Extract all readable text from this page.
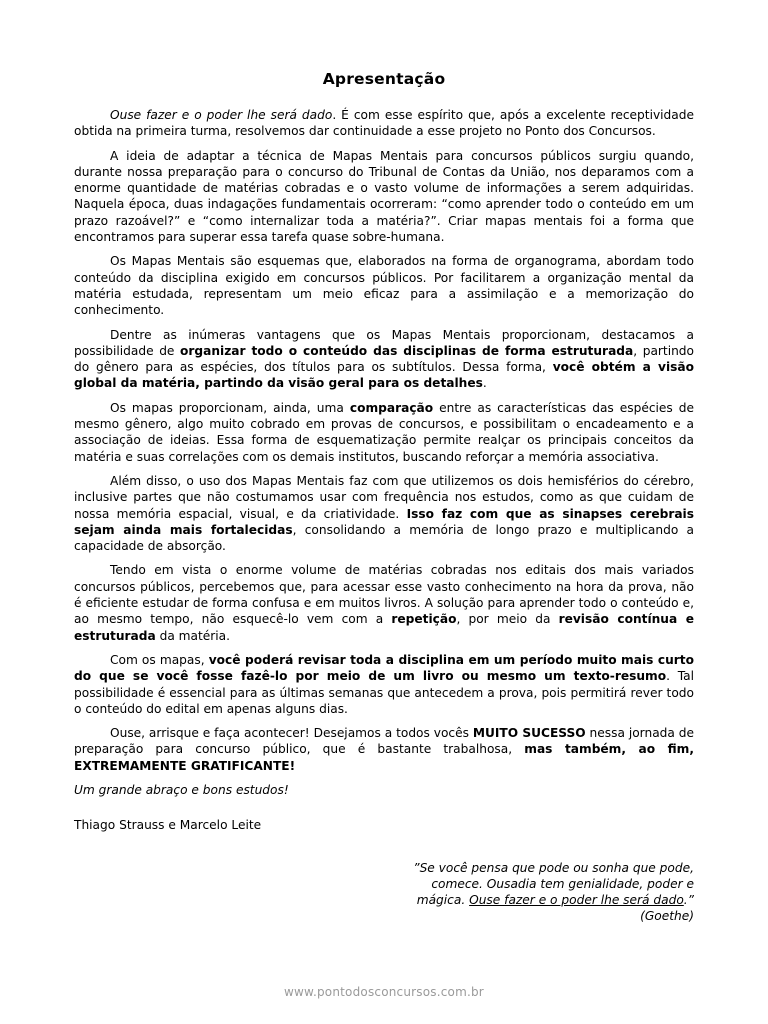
Apresentação

Ouse fazer e o poder lhe será dado. É com esse espírito que, após a excelente receptividade obtida na primeira turma, resolvemos dar continuidade a esse projeto no Ponto dos Concursos.

A ideia de adaptar a técnica de Mapas Mentais para concursos públicos surgiu quando, durante nossa preparação para o concurso do Tribunal de Contas da União, nos deparamos com a enorme quantidade de matérias cobradas e o vasto volume de informações a serem adquiridas. Naquela época, duas indagações fundamentais ocorreram: “como aprender todo o conteúdo em um prazo razoável?” e “como internalizar toda a matéria?”. Criar mapas mentais foi a forma que encontramos para superar essa tarefa quase sobre-humana.

Os Mapas Mentais são esquemas que, elaborados na forma de organograma, abordam todo conteúdo da disciplina exigido em concursos públicos. Por facilitarem a organização mental da matéria estudada, representam um meio eficaz para a assimilação e a memorização do conhecimento.

Dentre as inúmeras vantagens que os Mapas Mentais proporcionam, destacamos a possibilidade de organizar todo o conteúdo das disciplinas de forma estruturada, partindo do gênero para as espécies, dos títulos para os subtítulos. Dessa forma, você obtém a visão global da matéria, partindo da visão geral para os detalhes.

Os mapas proporcionam, ainda, uma comparação entre as características das espécies de mesmo gênero, algo muito cobrado em provas de concursos, e possibilitam o encadeamento e a associação de ideias. Essa forma de esquematização permite realçar os principais conceitos da matéria e suas correlações com os demais institutos, buscando reforçar a memória associativa.

Além disso, o uso dos Mapas Mentais faz com que utilizemos os dois hemisférios do cérebro, inclusive partes que não costumamos usar com frequência nos estudos, como as que cuidam de nossa memória espacial, visual, e da criatividade. Isso faz com que as sinapses cerebrais sejam ainda mais fortalecidas, consolidando a memória de longo prazo e multiplicando a capacidade de absorção.

Tendo em vista o enorme volume de matérias cobradas nos editais dos mais variados concursos públicos, percebemos que, para acessar esse vasto conhecimento na hora da prova, não é eficiente estudar de forma confusa e em muitos livros. A solução para aprender todo o conteúdo e, ao mesmo tempo, não esquecê-lo vem com a repetição, por meio da revisão contínua e estruturada da matéria.

Com os mapas, você poderá revisar toda a disciplina em um período muito mais curto do que se você fosse fazê-lo por meio de um livro ou mesmo um texto-resumo. Tal possibilidade é essencial para as últimas semanas que antecedem a prova, pois permitirá rever todo o conteúdo do edital em apenas alguns dias.

Ouse, arrisque e faça acontecer! Desejamos a todos vocês MUITO SUCESSO nessa jornada de preparação para concurso público, que é bastante trabalhosa, mas também, ao fim, EXTREMAMENTE GRATIFICANTE!

Um grande abraço e bons estudos!

Thiago Strauss e Marcelo Leite

”Se você pensa que pode ou sonha que pode, comece. Ousadia tem genialidade, poder e mágica. Ouse fazer e o poder lhe será dado.”
(Goethe)
www.pontodosconcursos.com.br
